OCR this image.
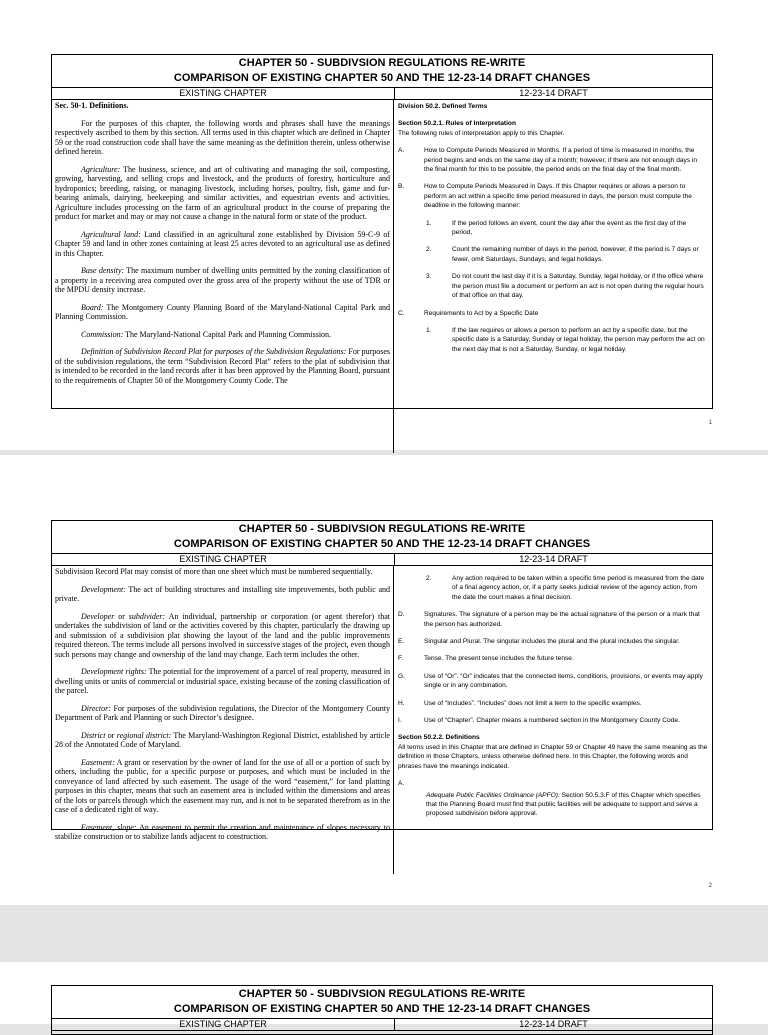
CHAPTER 50 - SUBDIVSION REGULATIONS RE-WRITE
COMPARISON OF EXISTING CHAPTER 50 AND THE 12-23-14 DRAFT CHANGES
EXISTING CHAPTER	12-23-14 DRAFT
Sec. 50-1. Definitions.

For the purposes of this chapter, the following words and phrases shall have the meanings respectively ascribed to them by this section. All terms used in this chapter which are defined in Chapter 59 or the road construction code shall have the same meaning as the definition therein, unless otherwise defined herein.

Agriculture: The business, science, and art of cultivating and managing the soil, composting, growing, harvesting, and selling crops and livestock, and the products of forestry, horticulture and hydroponics; breeding, raising, or managing livestock, including horses, poultry, fish, game and fur-bearing animals, dairying, beekeeping and similar activities, and equestrian events and activities. Agriculture includes processing on the farm of an agricultural product in the course of preparing the product for market and may or may not cause a change in the natural form or state of the product.

Agricultural land: Land classified in an agricultural zone established by Division 59-C-9 of Chapter 59 and land in other zones containing at least 25 acres devoted to an agricultural use as defined in this Chapter.

Base density: The maximum number of dwelling units permitted by the zoning classification of a property in a receiving area computed over the gross area of the property without the use of TDR or the MPDU density increase.

Board: The Montgomery County Planning Board of the Maryland-National Capital Park and Planning Commission.

Commission: The Maryland-National Capital Park and Planning Commission.

Definition of Subdivision Record Plat for purposes of the Subdivision Regulations: For purposes of the subdivision regulations, the term “Subdivision Record Plat” refers to the plat of subdivision that is intended to be recorded in the land records after it has been approved by the Planning Board, pursuant to the requirements of Chapter 50 of the Montgomery County Code. The

Division 50.2. Defined Terms
Section 50.2.1. Rules of Interpretation

The following rules of interpretation apply to this Chapter.

A.	How to Compute Periods Measured in Months. If a period of time is measured in months, the period begins and ends on the same day of a month; however, if there are not enough days in the final month for this to be possible, the period ends on the final day of the final month.
B.	How to Compute Periods Measured in Days. If this Chapter requires or allows a person to perform an act within a specific time period measured in days, the person must compute the deadline in the following manner:
1.	If the period follows an event, count the day after the event as the first day of the period,
2.	Count the remaining number of days in the period, however, if the period is 7 days or fewer, omit Saturdays, Sundays, and legal holidays.
3.	Do not count the last day if it is a Saturday, Sunday, legal holiday, or if the office where the person must file a document or perform an act is not open during the regular hours of that office on that day.
C.	Requirements to Act by a Specific Date
1.	If the law requires or allows a person to perform an act by a specific date, but the specific date is a Saturday, Sunday or legal holiday, the person may perform the act on the next day that is not a Saturday, Sunday, or legal holiday.
1
CHAPTER 50 - SUBDIVSION REGULATIONS RE-WRITE
COMPARISON OF EXISTING CHAPTER 50 AND THE 12-23-14 DRAFT CHANGES
EXISTING CHAPTER	12-23-14 DRAFT

Subdivision Record Plat may consist of more than one sheet which must be numbered sequentially.

Development: The act of building structures and installing site improvements, both public and private.

Developer or subdivider: An individual, partnership or corporation (or agent therefor) that undertakes the subdivision of land or the activities covered by this chapter, particularly the drawing up and submission of a subdivision plat showing the layout of the land and the public improvements required thereon. The terms include all persons involved in successive stages of the project, even though such persons may change and ownership of the land may change. Each term includes the other.

Development rights: The potential for the improvement of a parcel of real property, measured in dwelling units or units of commercial or industrial space, existing because of the zoning classification of the parcel.

Director: For purposes of the subdivision regulations, the Director of the Montgomery County Department of Park and Planning or such Director’s designee.

District or regional district: The Maryland-Washington Regional District, established by article 28 of the Annotated Code of Maryland.

Easement: A grant or reservation by the owner of land for the use of all or a portion of such by others, including the public, for a specific purpose or purposes, and which must be included in the conveyance of land affected by such easement. The usage of the word “easement,” for land platting purposes in this chapter, means that such an easement area is included within the dimensions and areas of the lots or parcels through which the easement may run, and is not to be separated therefrom as in the case of a dedicated right of way.

Easement, slope: An easement to permit the creation and maintenance of slopes necessary to stabilize construction or to stabilize lands adjacent to construction.

2.	Any action required to be taken within a specific time period is measured from the date of a final agency action, or, if a party seeks judicial review of the agency action, from the date the court makes a final decision.
D.	Signatures. The signature of a person may be the actual signature of the person or a mark that the person has authorized.
E.	Singular and Plural. The singular includes the plural and the plural includes the singular.
F.	Tense. The present tense includes the future tense.
G.	Use of “Or”. “Or” indicates that the connected items, conditions, provisions, or events may apply single or in any combination.
H.	Use of “Includes”. “Includes” does not limit a term to the specific examples.
I.	Use of “Chapter”. Chapter means a numbered section in the Montgomery County Code.
Section 50.2.2. Definitions

All terms used in this Chapter that are defined in Chapter 59 or Chapter 49 have the same meaning as the definition in those Chapters, unless otherwise defined here. In this Chapter, the following words and phrases have the meanings indicated.

A.
Adequate Public Facilities Ordinance (APFO): Section 50.5.3.F of this Chapter which specifies that the Planning Board must find that public facilities will be adequate to support and serve a proposed subdivision before approval.
2
CHAPTER 50 - SUBDIVSION REGULATIONS RE-WRITE
COMPARISON OF EXISTING CHAPTER 50 AND THE 12-23-14 DRAFT CHANGES
EXISTING CHAPTER	12-23-14 DRAFT
